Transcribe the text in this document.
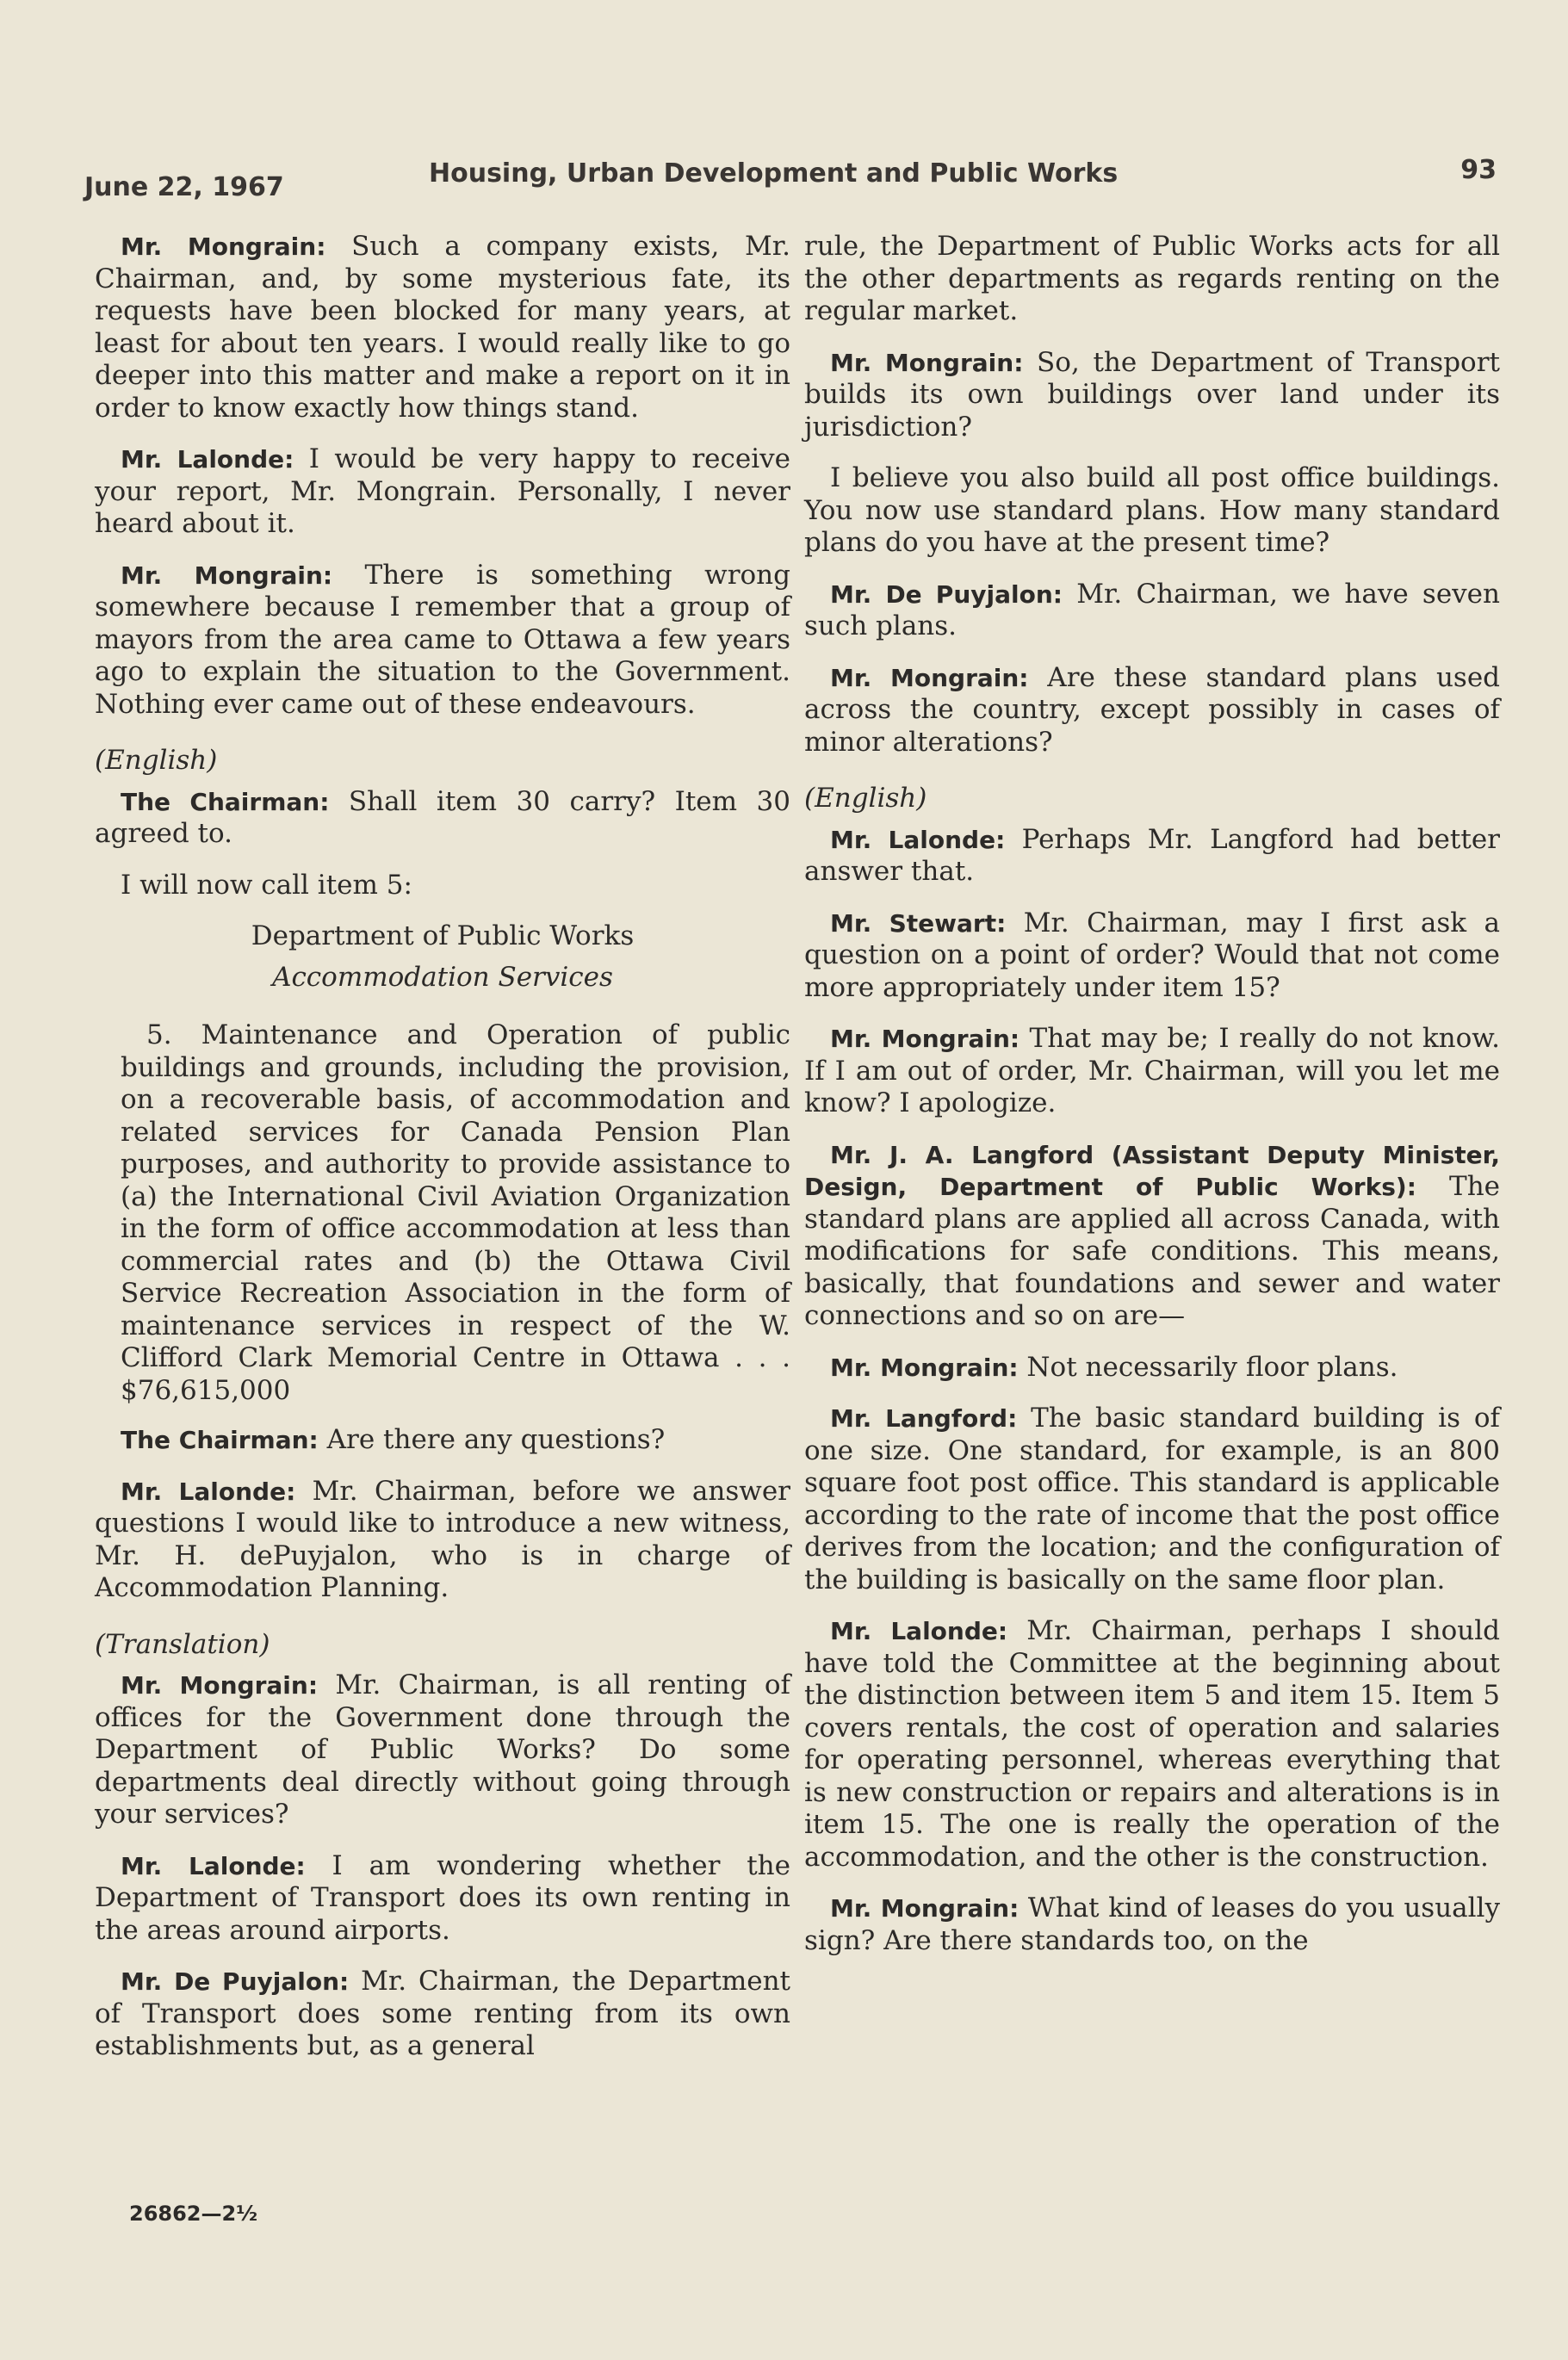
June 22, 1967	Housing, Urban Development and Public Works	93

Mr. Mongrain: Such a company exists, Mr. Chairman, and, by some mysterious fate, its requests have been blocked for many years, at least for about ten years. I would really like to go deeper into this matter and make a report on it in order to know exactly how things stand.

Mr. Lalonde: I would be very happy to receive your report, Mr. Mongrain. Personally, I never heard about it.

Mr. Mongrain: There is something wrong somewhere because I remember that a group of mayors from the area came to Ottawa a few years ago to explain the situation to the Government. Nothing ever came out of these endeavours.

(English)

The Chairman: Shall item 30 carry? Item 30 agreed to.

I will now call item 5:

Department of Public Works

Accommodation Services

5. Maintenance and Operation of public buildings and grounds, including the provision, on a recoverable basis, of accommodation and related services for Canada Pension Plan purposes, and authority to provide assistance to (a) the International Civil Aviation Organization in the form of office accommodation at less than commercial rates and (b) the Ottawa Civil Service Recreation Association in the form of maintenance services in respect of the W. Clifford Clark Memorial Centre in Ottawa . . . $76,615,000

The Chairman: Are there any questions?

Mr. Lalonde: Mr. Chairman, before we answer questions I would like to introduce a new witness, Mr. H. dePuyjalon, who is in charge of Accommodation Planning.

(Translation)

Mr. Mongrain: Mr. Chairman, is all renting of offices for the Government done through the Department of Public Works? Do some departments deal directly without going through your services?

Mr. Lalonde: I am wondering whether the Department of Transport does its own renting in the areas around airports.

Mr. De Puyjalon: Mr. Chairman, the Department of Transport does some renting from its own establishments but, as a general

rule, the Department of Public Works acts for all the other departments as regards renting on the regular market.

Mr. Mongrain: So, the Department of Transport builds its own buildings over land under its jurisdiction?

I believe you also build all post office buildings. You now use standard plans. How many standard plans do you have at the present time?

Mr. De Puyjalon: Mr. Chairman, we have seven such plans.

Mr. Mongrain: Are these standard plans used across the country, except possibly in cases of minor alterations?

(English)

Mr. Lalonde: Perhaps Mr. Langford had better answer that.

Mr. Stewart: Mr. Chairman, may I first ask a question on a point of order? Would that not come more appropriately under item 15?

Mr. Mongrain: That may be; I really do not know. If I am out of order, Mr. Chairman, will you let me know? I apologize.

Mr. J. A. Langford (Assistant Deputy Minister, Design, Department of Public Works): The standard plans are applied all across Canada, with modifications for safe conditions. This means, basically, that foundations and sewer and water connections and so on are—

Mr. Mongrain: Not necessarily floor plans.

Mr. Langford: The basic standard building is of one size. One standard, for example, is an 800 square foot post office. This standard is applicable according to the rate of income that the post office derives from the location; and the configuration of the building is basically on the same floor plan.

Mr. Lalonde: Mr. Chairman, perhaps I should have told the Committee at the beginning about the distinction between item 5 and item 15. Item 5 covers rentals, the cost of operation and salaries for operating personnel, whereas everything that is new construction or repairs and alterations is in item 15. The one is really the operation of the accommodation, and the other is the construction.

Mr. Mongrain: What kind of leases do you usually sign? Are there standards too, on the

26862—2½
